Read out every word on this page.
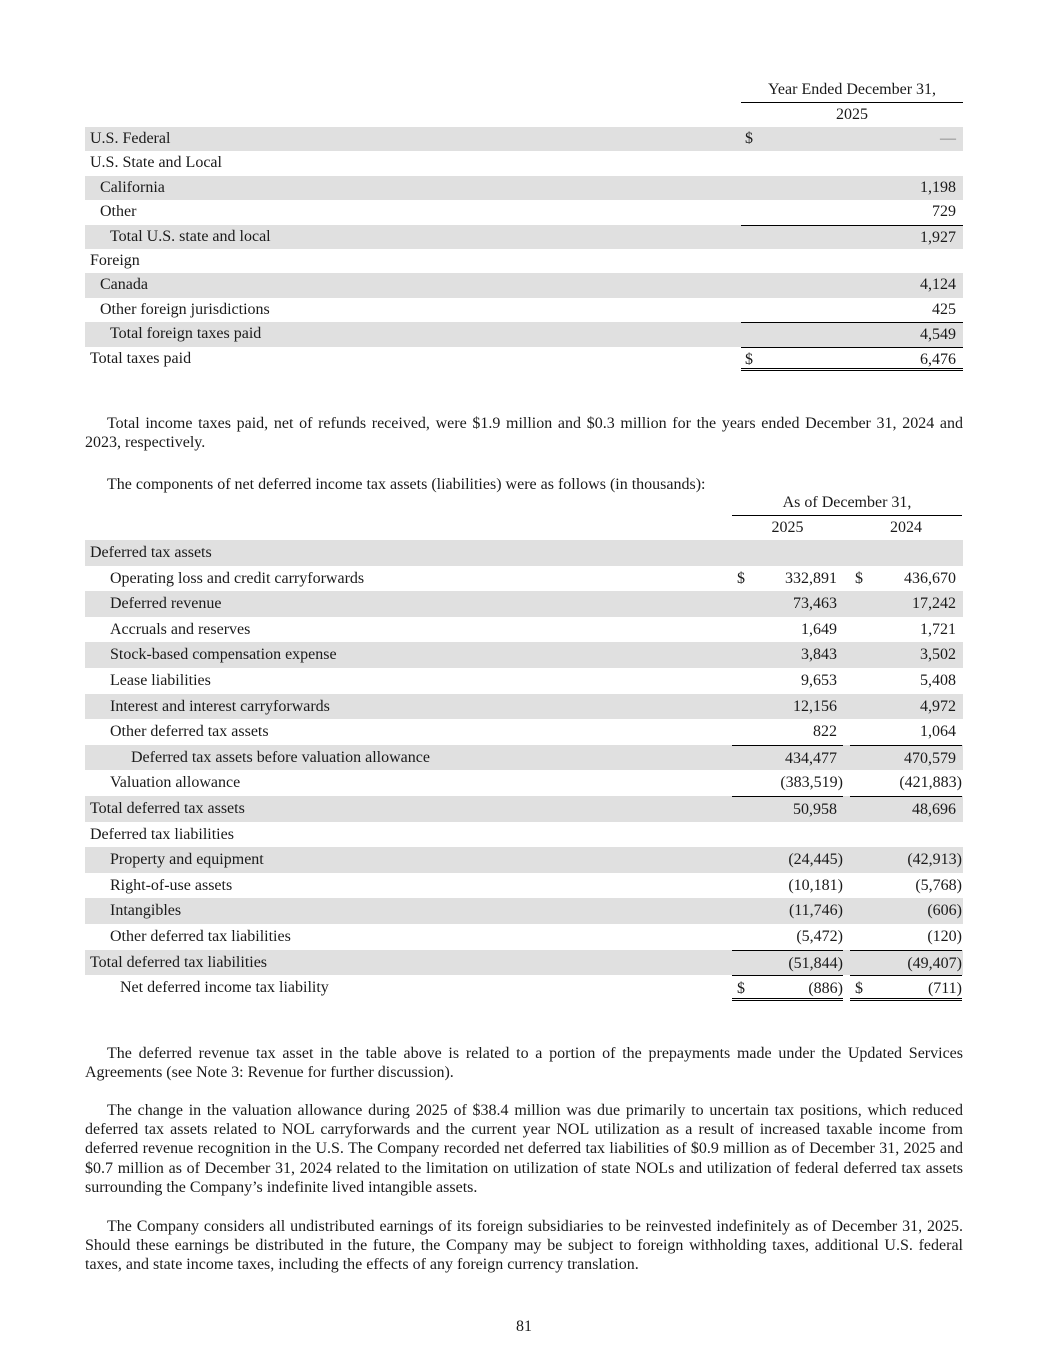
Year Ended December 31,
2025
U.S. Federal	$	—
U.S. State and Local
California	1,198
Other	729
Total U.S. state and local	1,927
Foreign
Canada	4,124
Other foreign jurisdictions	425
Total foreign taxes paid	4,549
Total taxes paid	$	6,476

Total income taxes paid, net of refunds received, were $1.9 million and $0.3 million for the years ended December 31, 2024 and 2023, respectively.

The components of net deferred income tax assets (liabilities) were as follows (in thousands):

As of December 31,
2025	2024
Deferred tax assets
Operating loss and credit carryforwards	$	332,891 $	436,670
Deferred revenue	73,463	17,242
Accruals and reserves	1,649	1,721
Stock-based compensation expense	3,843	3,502
Lease liabilities	9,653	5,408
Interest and interest carryforwards	12,156	4,972
Other deferred tax assets	822	1,064
Deferred tax assets before valuation allowance	434,477	470,579
Valuation allowance	(383,519)	(421,883)
Total deferred tax assets	50,958	48,696
Deferred tax liabilities
Property and equipment	(24,445)	(42,913)
Right-of-use assets	(10,181)	(5,768)
Intangibles	(11,746)	(606)
Other deferred tax liabilities	(5,472)	(120)
Total deferred tax liabilities	(51,844)	(49,407)
Net deferred income tax liability	$	(886) $	(711)

The deferred revenue tax asset in the table above is related to a portion of the prepayments made under the Updated Services Agreements (see Note 3: Revenue for further discussion).

The change in the valuation allowance during 2025 of $38.4 million was due primarily to uncertain tax positions, which reduced deferred tax assets related to NOL carryforwards and the current year NOL utilization as a result of increased taxable income from deferred revenue recognition in the U.S. The Company recorded net deferred tax liabilities of $0.9 million as of December 31, 2025 and $0.7 million as of December 31, 2024 related to the limitation on utilization of state NOLs and utilization of federal deferred tax assets surrounding the Company’s indefinite lived intangible assets.

The Company considers all undistributed earnings of its foreign subsidiaries to be reinvested indefinitely as of December 31, 2025. Should these earnings be distributed in the future, the Company may be subject to foreign withholding taxes, additional U.S. federal taxes, and state income taxes, including the effects of any foreign currency translation.

81
